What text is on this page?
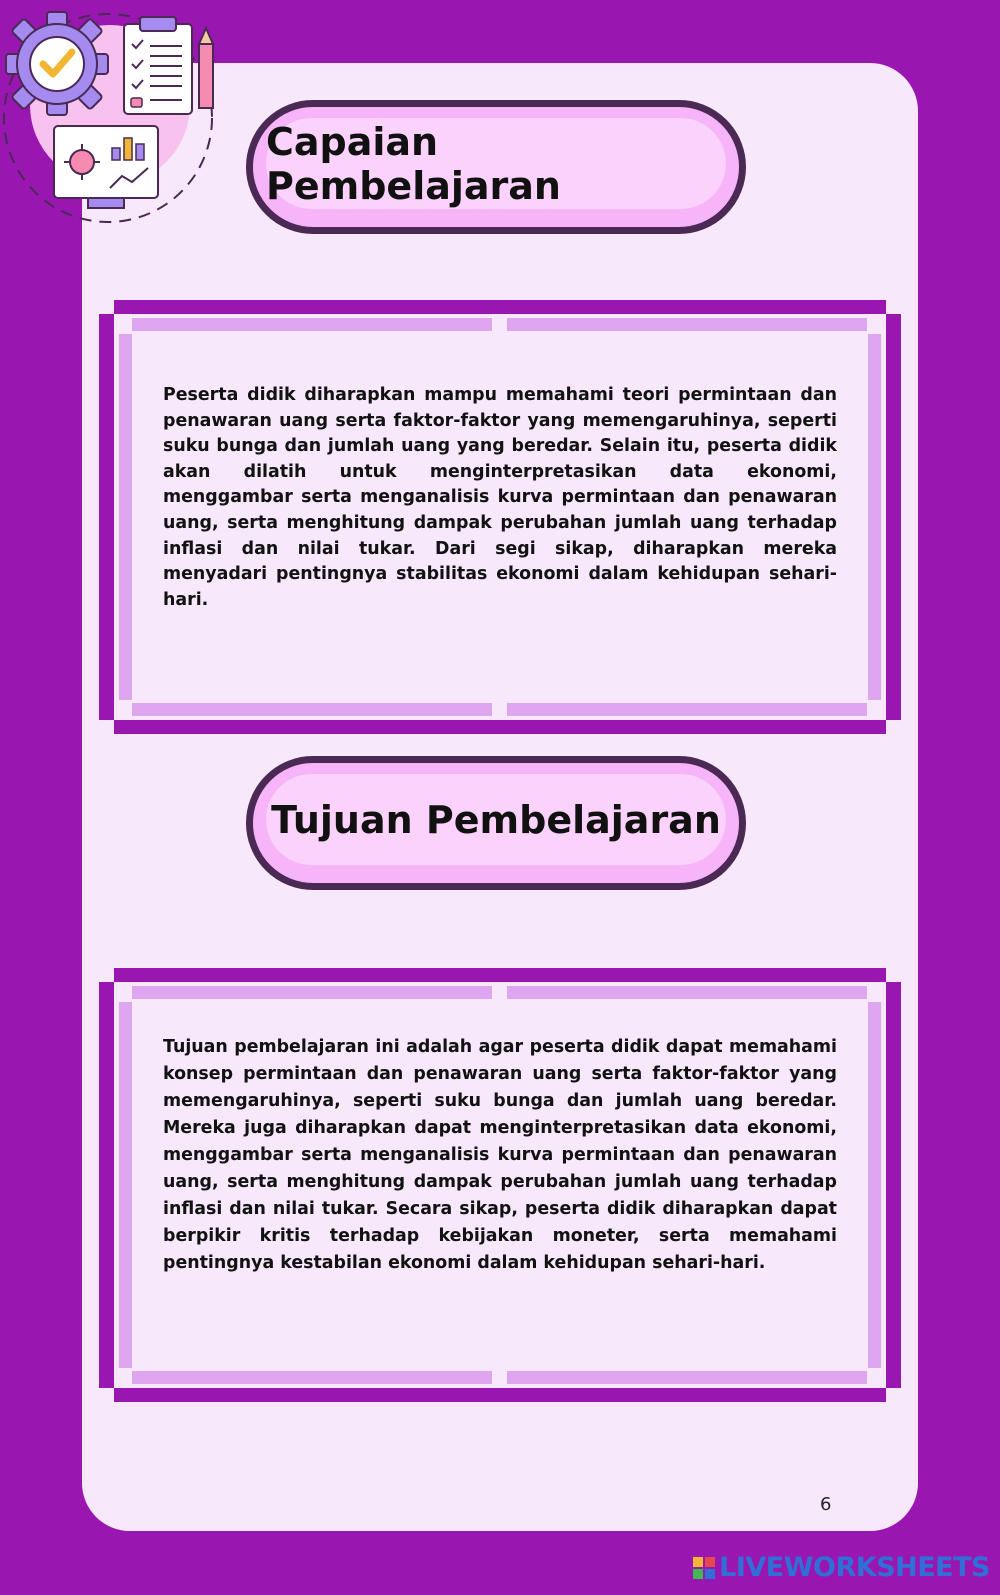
Capaian Pembelajaran

Peserta didik diharapkan mampu memahami teori permintaan dan penawaran uang serta faktor-faktor yang memengaruhinya, seperti suku bunga dan jumlah uang yang beredar. Selain itu, peserta didik akan dilatih untuk menginterpretasikan data ekonomi, menggambar serta menganalisis kurva permintaan dan penawaran uang, serta menghitung dampak perubahan jumlah uang terhadap inflasi dan nilai tukar. Dari segi sikap, diharapkan mereka menyadari pentingnya stabilitas ekonomi dalam kehidupan sehari-hari.

Tujuan Pembelajaran

Tujuan pembelajaran ini adalah agar peserta didik dapat memahami konsep permintaan dan penawaran uang serta faktor-faktor yang memengaruhinya, seperti suku bunga dan jumlah uang beredar. Mereka juga diharapkan dapat menginterpretasikan data ekonomi, menggambar serta menganalisis kurva permintaan dan penawaran uang, serta menghitung dampak perubahan jumlah uang terhadap inflasi dan nilai tukar. Secara sikap, peserta didik diharapkan dapat berpikir kritis terhadap kebijakan moneter, serta memahami pentingnya kestabilan ekonomi dalam kehidupan sehari-hari.

6
LIVEWORKSHEETS
